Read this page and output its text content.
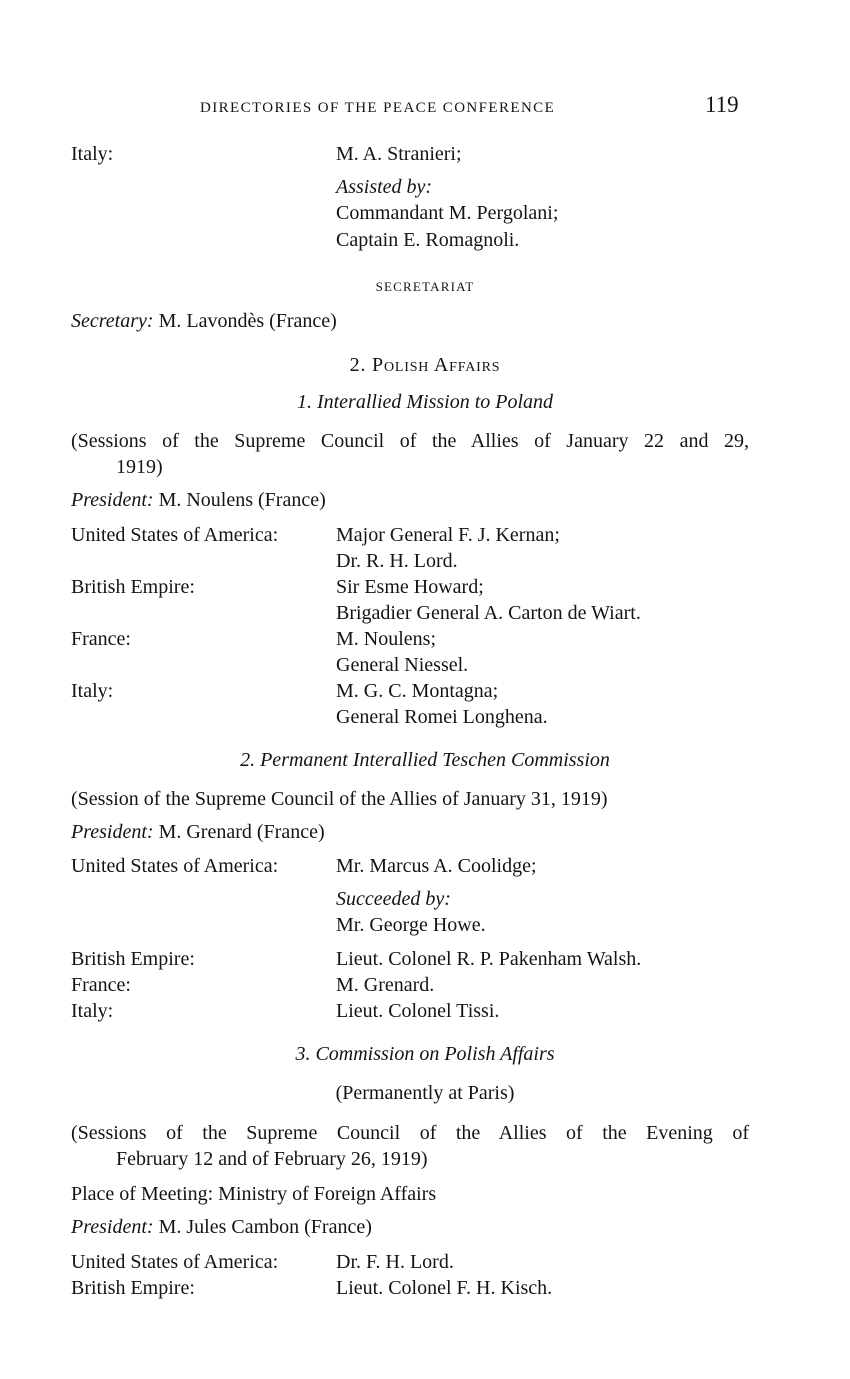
DIRECTORIES OF THE PEACE CONFERENCE	119
Italy:	M. A. Stranieri;
Assisted by:
Commandant M. Pergolani;
Captain E. Romagnoli.
SECRETARIAT
Secretary: M. Lavondès (France)
2. Polish Affairs
1. Interallied Mission to Poland
(Sessions of the Supreme Council of the Allies of January 22 and 29,
1919)
President: M. Noulens (France)
United States of America:	Major General F. J. Kernan;
Dr. R. H. Lord.
British Empire:	Sir Esme Howard;
Brigadier General A. Carton de Wiart.
France:	M. Noulens;
General Niessel.
Italy:	M. G. C. Montagna;
General Romei Longhena.
2. Permanent Interallied Teschen Commission
(Session of the Supreme Council of the Allies of January 31, 1919)
President: M. Grenard (France)
United States of America:	Mr. Marcus A. Coolidge;
Succeeded by:
Mr. George Howe.
British Empire:	Lieut. Colonel R. P. Pakenham Walsh.
France:	M. Grenard.
Italy:	Lieut. Colonel Tissi.
3. Commission on Polish Affairs
(Permanently at Paris)
(Sessions of the Supreme Council of the Allies of the Evening of
February 12 and of February 26, 1919)
Place of Meeting: Ministry of Foreign Affairs
President: M. Jules Cambon (France)
United States of America:	Dr. F. H. Lord.
British Empire:	Lieut. Colonel F. H. Kisch.
